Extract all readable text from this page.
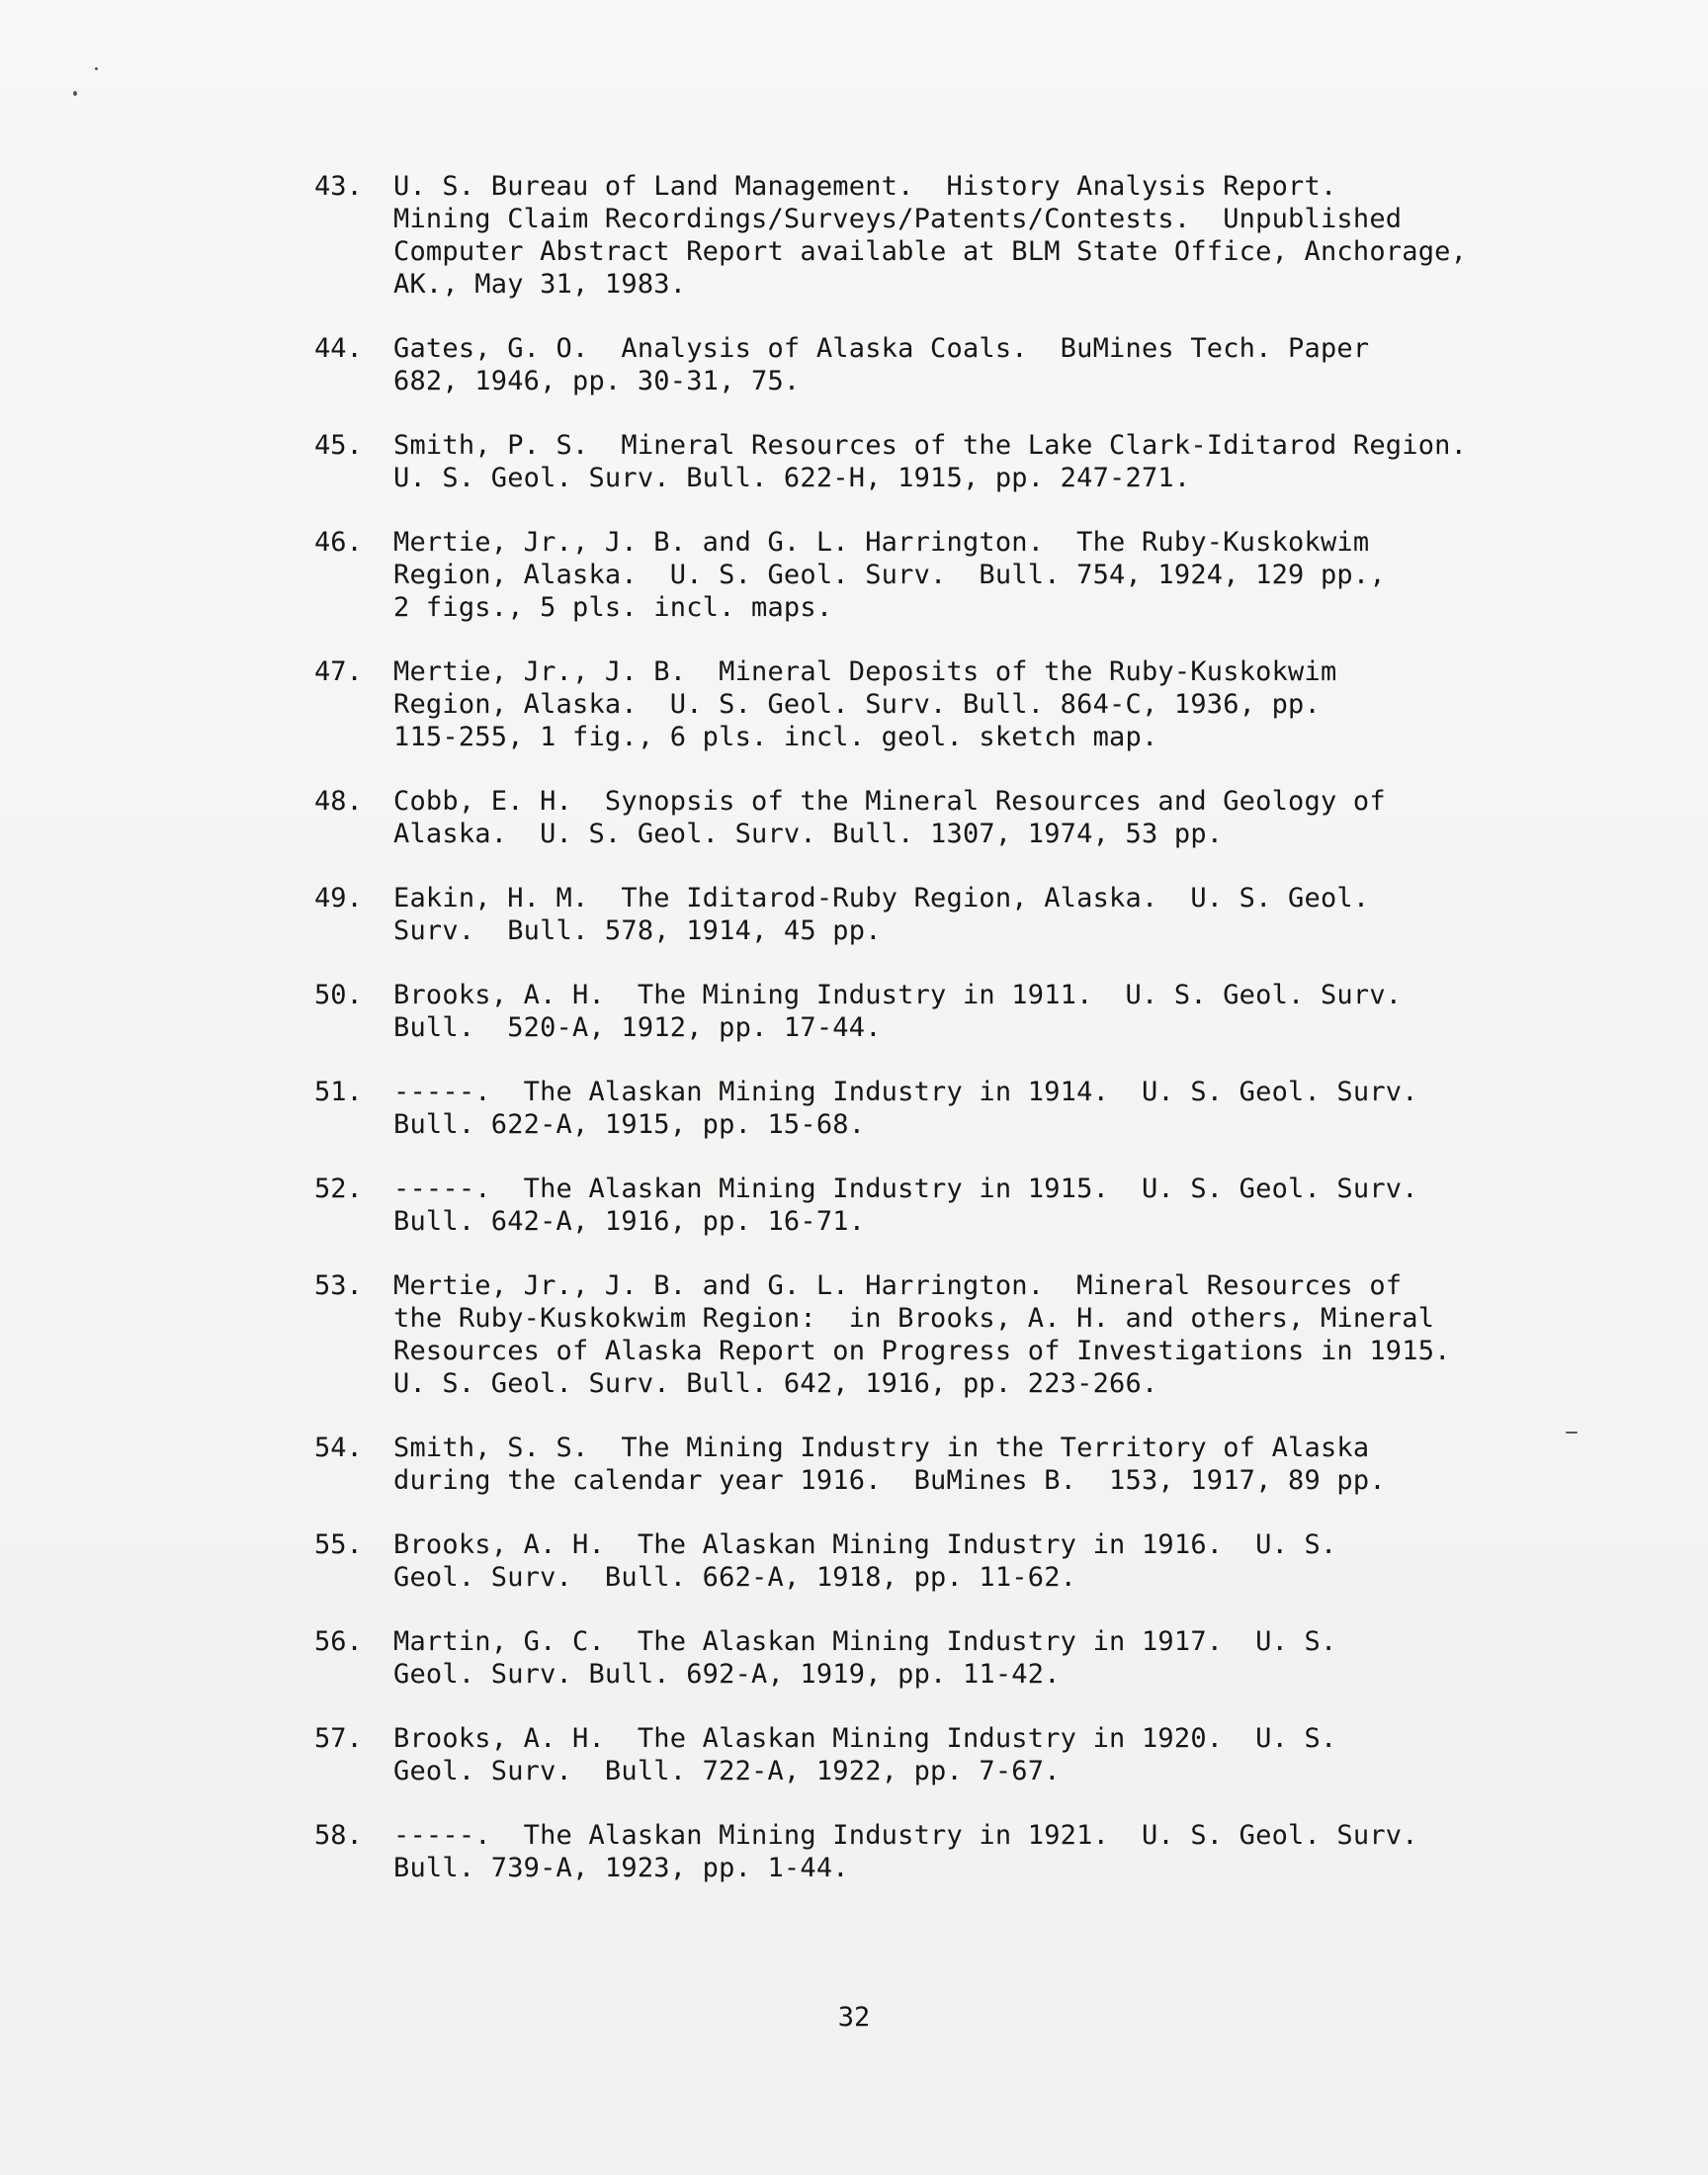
43.	U. S. Bureau of Land Management.  History Analysis Report.
Mining Claim Recordings/Surveys/Patents/Contests.  Unpublished
Computer Abstract Report available at BLM State Office, Anchorage,
AK., May 31, 1983.
44.	Gates, G. O.  Analysis of Alaska Coals.  BuMines Tech. Paper
682, 1946, pp. 30-31, 75.
45.	Smith, P. S.  Mineral Resources of the Lake Clark-Iditarod Region.
U. S. Geol. Surv. Bull. 622-H, 1915, pp. 247-271.
46.	Mertie, Jr., J. B. and G. L. Harrington.  The Ruby-Kuskokwim
Region, Alaska.  U. S. Geol. Surv.  Bull. 754, 1924, 129 pp.,
2 figs., 5 pls. incl. maps.
47.	Mertie, Jr., J. B.  Mineral Deposits of the Ruby-Kuskokwim
Region, Alaska.  U. S. Geol. Surv. Bull. 864-C, 1936, pp.
115-255, 1 fig., 6 pls. incl. geol. sketch map.
48.	Cobb, E. H.  Synopsis of the Mineral Resources and Geology of
Alaska.  U. S. Geol. Surv. Bull. 1307, 1974, 53 pp.
49.	Eakin, H. M.  The Iditarod-Ruby Region, Alaska.  U. S. Geol.
Surv.  Bull. 578, 1914, 45 pp.
50.	Brooks, A. H.  The Mining Industry in 1911.  U. S. Geol. Surv.
Bull.  520-A, 1912, pp. 17-44.
51.	-----.  The Alaskan Mining Industry in 1914.  U. S. Geol. Surv.
Bull. 622-A, 1915, pp. 15-68.
52.	-----.  The Alaskan Mining Industry in 1915.  U. S. Geol. Surv.
Bull. 642-A, 1916, pp. 16-71.
53.	Mertie, Jr., J. B. and G. L. Harrington.  Mineral Resources of
the Ruby-Kuskokwim Region:  in Brooks, A. H. and others, Mineral
Resources of Alaska Report on Progress of Investigations in 1915.
U. S. Geol. Surv. Bull. 642, 1916, pp. 223-266.
54.	Smith, S. S.  The Mining Industry in the Territory of Alaska
during the calendar year 1916.  BuMines B.  153, 1917, 89 pp.
55.	Brooks, A. H.  The Alaskan Mining Industry in 1916.  U. S.
Geol. Surv.  Bull. 662-A, 1918, pp. 11-62.
56.	Martin, G. C.  The Alaskan Mining Industry in 1917.  U. S.
Geol. Surv. Bull. 692-A, 1919, pp. 11-42.
57.	Brooks, A. H.  The Alaskan Mining Industry in 1920.  U. S.
Geol. Surv.  Bull. 722-A, 1922, pp. 7-67.
58.	-----.  The Alaskan Mining Industry in 1921.  U. S. Geol. Surv.
Bull. 739-A, 1923, pp. 1-44.
32
